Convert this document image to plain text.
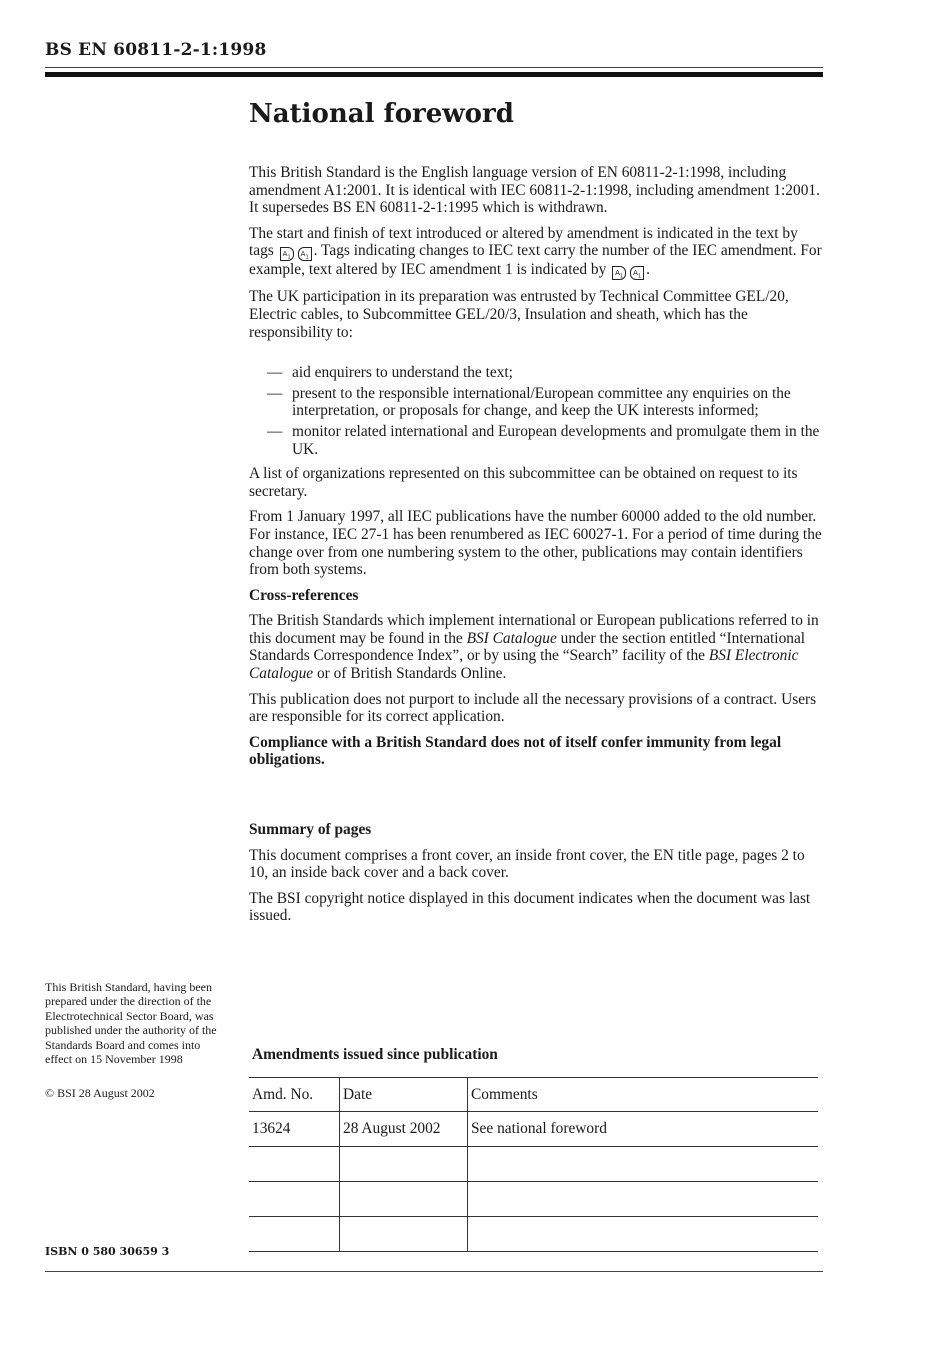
BS EN 60811-2-1:1998

National foreword

This British Standard is the English language version of EN 60811-2-1:1998, including amendment A1:2001. It is identical with IEC 60811-2-1:1998, including amendment 1:2001. It supersedes BS EN 60811-2-1:1995 which is withdrawn.

The start and finish of text introduced or altered by amendment is indicated in the text by tags $A_1$ $A_1$ . Tags indicating changes to IEC text carry the number of the IEC amendment. For example, text altered by IEC amendment 1 is indicated by $A_1$ $A_1$ .

The UK participation in its preparation was entrusted by Technical Committee GEL/20, Electric cables, to Subcommittee GEL/20/3, Insulation and sheath, which has the responsibility to:

— aid enquirers to understand the text;
— present to the responsible international/European committee any enquiries on the interpretation, or proposals for change, and keep the UK interests informed;
— monitor related international and European developments and promulgate them in the UK.

A list of organizations represented on this subcommittee can be obtained on request to its secretary.

From 1 January 1997, all IEC publications have the number 60000 added to the old number. For instance, IEC 27-1 has been renumbered as IEC 60027-1. For a period of time during the change over from one numbering system to the other, publications may contain identifiers from both systems.

Cross-references

The British Standards which implement international or European publications referred to in this document may be found in the BSI Catalogue under the section entitled “International Standards Correspondence Index”, or by using the “Search” facility of the BSI Electronic Catalogue or of British Standards Online.

This publication does not purport to include all the necessary provisions of a contract. Users are responsible for its correct application.

Compliance with a British Standard does not of itself confer immunity from legal obligations.

Summary of pages

This document comprises a front cover, an inside front cover, the EN title page, pages 2 to 10, an inside back cover and a back cover.

The BSI copyright notice displayed in this document indicates when the document was last issued.

This British Standard, having been prepared under the direction of the Electrotechnical Sector Board, was published under the authority of the Standards Board and comes into effect on 15 November 1998

© BSI 28 August 2002

ISBN 0 580 30659 3

Amendments issued since publication

Amd. No.	Date	Comments
13624	28 August 2002	See national foreword
